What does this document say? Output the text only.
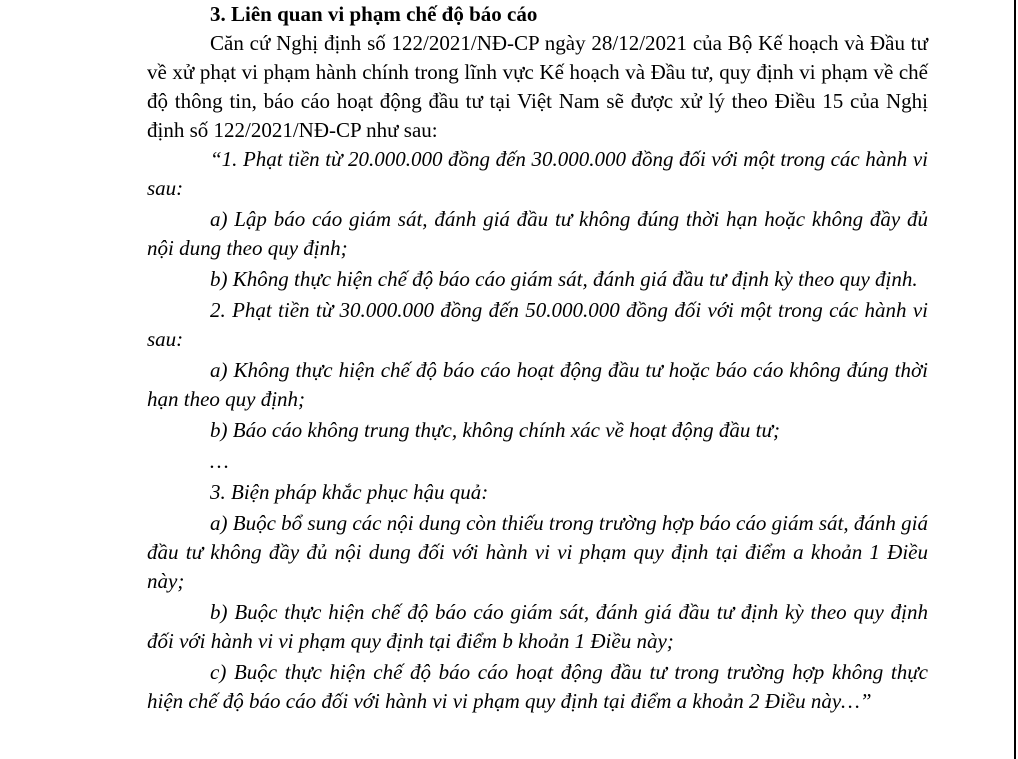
3. Liên quan vi phạm chế độ báo cáo

Căn cứ Nghị định số 122/2021/NĐ-CP ngày 28/12/2021 của Bộ Kế hoạch và Đầu tư về xử phạt vi phạm hành chính trong lĩnh vực Kế hoạch và Đầu tư, quy định vi phạm về chế độ thông tin, báo cáo hoạt động đầu tư tại Việt Nam sẽ được xử lý theo Điều 15 của Nghị định số 122/2021/NĐ-CP như sau:

“1. Phạt tiền từ 20.000.000 đồng đến 30.000.000 đồng đối với một trong các hành vi sau:

a) Lập báo cáo giám sát, đánh giá đầu tư không đúng thời hạn hoặc không đầy đủ nội dung theo quy định;

b) Không thực hiện chế độ báo cáo giám sát, đánh giá đầu tư định kỳ theo quy định.

2. Phạt tiền từ 30.000.000 đồng đến 50.000.000 đồng đối với một trong các hành vi sau:

a) Không thực hiện chế độ báo cáo hoạt động đầu tư hoặc báo cáo không đúng thời hạn theo quy định;

b) Báo cáo không trung thực, không chính xác về hoạt động đầu tư;

…

3. Biện pháp khắc phục hậu quả:

a) Buộc bổ sung các nội dung còn thiếu trong trường hợp báo cáo giám sát, đánh giá đầu tư không đầy đủ nội dung đối với hành vi vi phạm quy định tại điểm a khoản 1 Điều này;

b) Buộc thực hiện chế độ báo cáo giám sát, đánh giá đầu tư định kỳ theo quy định đối với hành vi vi phạm quy định tại điểm b khoản 1 Điều này;

c) Buộc thực hiện chế độ báo cáo hoạt động đầu tư trong trường hợp không thực hiện chế độ báo cáo đối với hành vi vi phạm quy định tại điểm a khoản 2 Điều này…”
